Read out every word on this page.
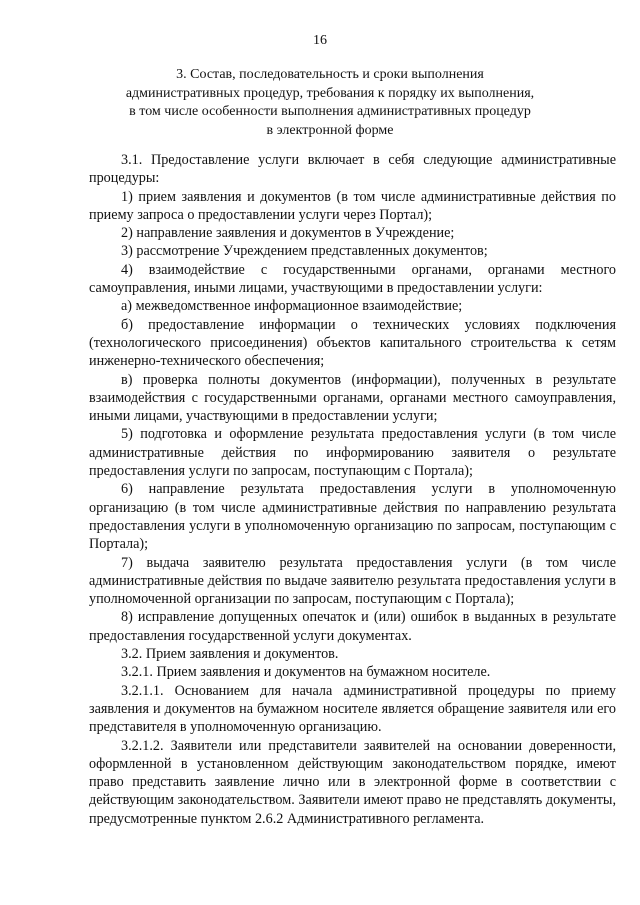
16
3. Состав, последовательность и сроки выполнения
административных процедур, требования к порядку их выполнения,
в том числе особенности выполнения административных процедур
в электронной форме

3.1. Предоставление услуги включает в себя следующие административные процедуры:

1) прием заявления и документов (в том числе административные действия по приему запроса о предоставлении услуги через Портал);

2) направление заявления и документов в Учреждение;

3) рассмотрение Учреждением представленных документов;

4) взаимодействие с государственными органами, органами местного самоуправления, иными лицами, участвующими в предоставлении услуги:

а) межведомственное информационное взаимодействие;

б) предоставление информации о технических условиях подключения (технологического присоединения) объектов капитального строительства к сетям инженерно-технического обеспечения;

в) проверка полноты документов (информации), полученных в результате взаимодействия с государственными органами, органами местного самоуправления, иными лицами, участвующими в предоставлении услуги;

5) подготовка и оформление результата предоставления услуги (в том числе административные действия по информированию заявителя о результате предоставления услуги по запросам, поступающим с Портала);

6) направление результата предоставления услуги в уполномоченную организацию (в том числе административные действия по направлению результата предоставления услуги в уполномоченную организацию по запросам, поступающим с Портала);

7) выдача заявителю результата предоставления услуги (в том числе административные действия по выдаче заявителю результата предоставления услуги в уполномоченной организации по запросам, поступающим с Портала);

8) исправление допущенных опечаток и (или) ошибок в выданных в результате предоставления государственной услуги документах.

3.2. Прием заявления и документов.

3.2.1. Прием заявления и документов на бумажном носителе.

3.2.1.1. Основанием для начала административной процедуры по приему заявления и документов на бумажном носителе является обращение заявителя или его представителя в уполномоченную организацию.

3.2.1.2. Заявители или представители заявителей на основании доверенности, оформленной в установленном действующим законодательством порядке, имеют право представить заявление лично или в электронной форме в соответствии с действующим законодательством. Заявители имеют право не представлять документы, предусмотренные пунктом 2.6.2 Административного регламента.
